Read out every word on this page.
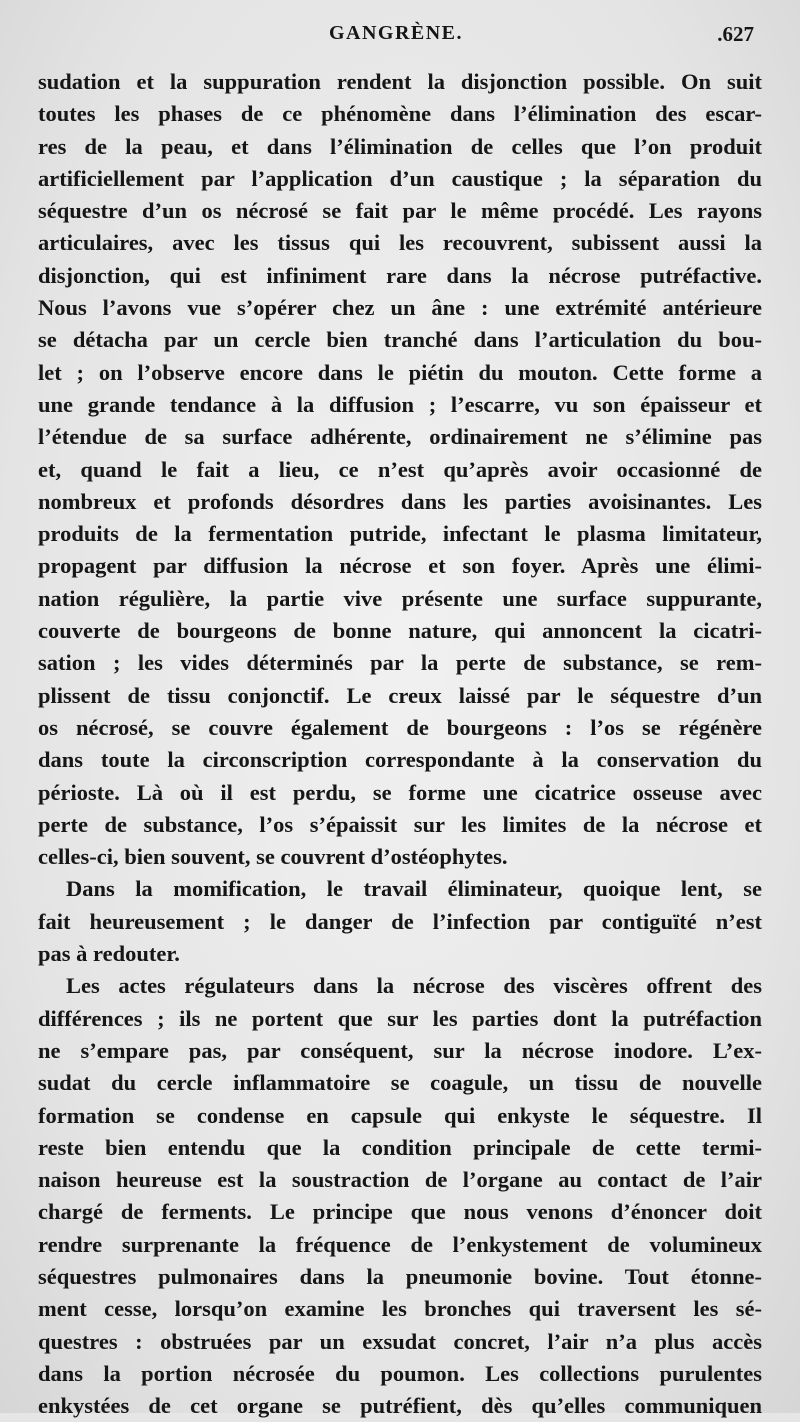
GANGRÈNE.	.627
sudation et la suppuration rendent la disjonction possible. On suit
toutes les phases de ce phénomène dans l’élimination des escar-
res de la peau, et dans l’élimination de celles que l’on produit
artificiellement par l’application d’un caustique ; la séparation du
séquestre d’un os nécrosé se fait par le même procédé. Les rayons
articulaires, avec les tissus qui les recouvrent, subissent aussi la
disjonction, qui est infiniment rare dans la nécrose putréfactive.
Nous l’avons vue s’opérer chez un âne : une extrémité antérieure
se détacha par un cercle bien tranché dans l’articulation du bou-
let ; on l’observe encore dans le piétin du mouton. Cette forme a
une grande tendance à la diffusion ; l’escarre, vu son épaisseur et
l’étendue de sa surface adhérente, ordinairement ne s’élimine pas
et, quand le fait a lieu, ce n’est qu’après avoir occasionné de
nombreux et profonds désordres dans les parties avoisinantes. Les
produits de la fermentation putride, infectant le plasma limitateur,
propagent par diffusion la nécrose et son foyer. Après une élimi-
nation régulière, la partie vive présente une surface suppurante,
couverte de bourgeons de bonne nature, qui annoncent la cicatri-
sation ; les vides déterminés par la perte de substance, se rem-
plissent de tissu conjonctif. Le creux laissé par le séquestre d’un
os nécrosé, se couvre également de bourgeons : l’os se régénère
dans toute la circonscription correspondante à la conservation du
périoste. Là où il est perdu, se forme une cicatrice osseuse avec
perte de substance, l’os s’épaissit sur les limites de la nécrose et
celles-ci, bien souvent, se couvrent d’ostéophytes.
Dans la momification, le travail éliminateur, quoique lent, se
fait heureusement ; le danger de l’infection par contiguïté n’est
pas à redouter.
Les actes régulateurs dans la nécrose des viscères offrent des
différences ; ils ne portent que sur les parties dont la putréfaction
ne s’empare pas, par conséquent, sur la nécrose inodore. L’ex-
sudat du cercle inflammatoire se coagule, un tissu de nouvelle
formation se condense en capsule qui enkyste le séquestre. Il
reste bien entendu que la condition principale de cette termi-
naison heureuse est la soustraction de l’organe au contact de l’air
chargé de ferments. Le principe que nous venons d’énoncer doit
rendre surprenante la fréquence de l’enkystement de volumineux
séquestres pulmonaires dans la pneumonie bovine. Tout étonne-
ment cesse, lorsqu’on examine les bronches qui traversent les sé-
questres : obstruées par un exsudat concret, l’air n’a plus accès
dans la portion nécrosée du poumon. Les collections purulentes
enkystées de cet organe se putréfient, dès qu’elles communiquen
